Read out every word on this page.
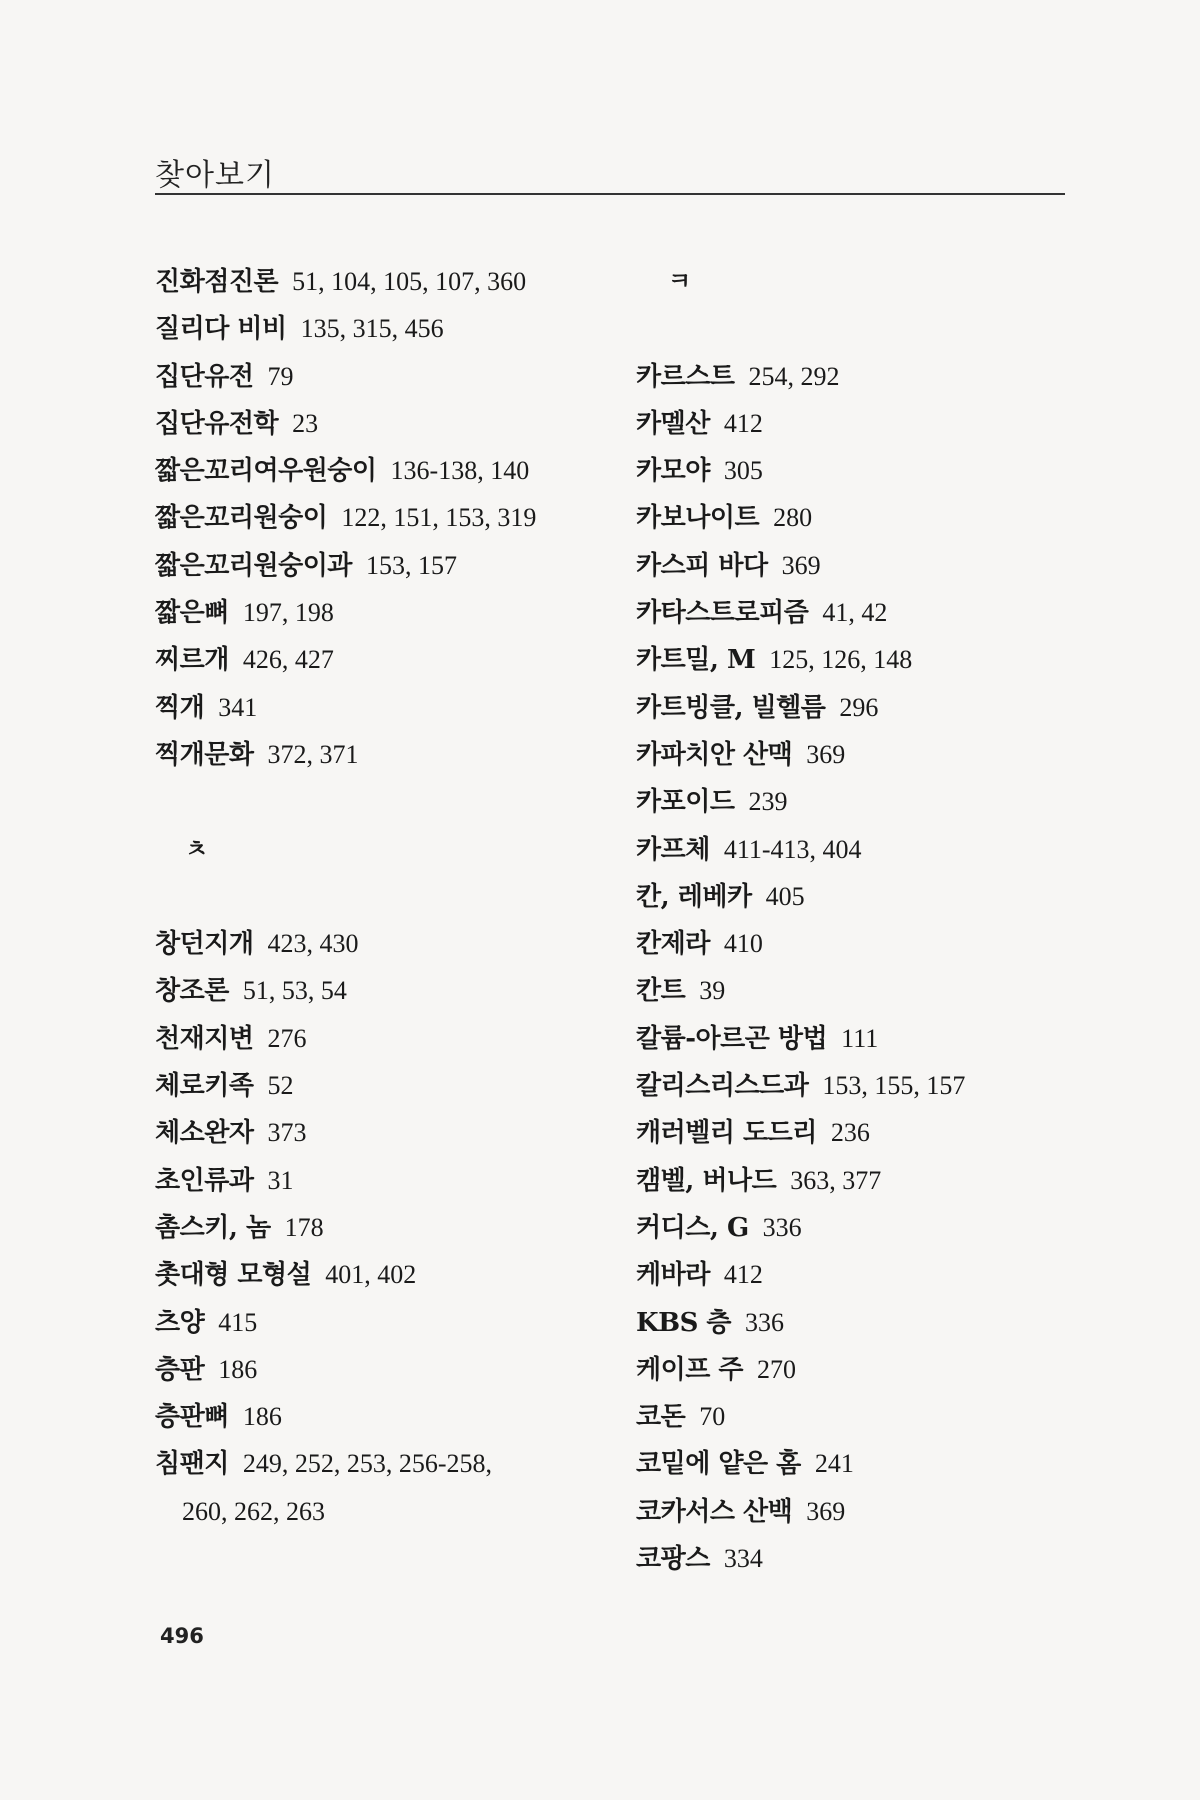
찾아보기
진화점진론 51, 104, 105, 107, 360
질리다 비비 135, 315, 456
집단유전 79
집단유전학 23
짧은꼬리여우원숭이 136-138, 140
짧은꼬리원숭이 122, 151, 153, 319
짧은꼬리원숭이과 153, 157
짧은뼈 197, 198
찌르개 426, 427
찍개 341
찍개문화 372, 371
ㅊ
창던지개 423, 430
창조론 51, 53, 54
천재지변 276
체로키족 52
체소완자 373
초인류과 31
촘스키, 놈 178
촛대형 모형설 401, 402
츠양 415
층판 186
층판뼈 186
침팬지 249, 252, 253, 256-258,
260, 262, 263
ㅋ
카르스트 254, 292
카멜산 412
카모야 305
카보나이트 280
카스피 바다 369
카타스트로피즘 41, 42
카트밀, M 125, 126, 148
카트빙클, 빌헬름 296
카파치안 산맥 369
카포이드 239
카프체 411-413, 404
칸, 레베카 405
칸제라 410
칸트 39
칼륨-아르곤 방법 111
칼리스리스드과 153, 155, 157
캐러벨리 도드리 236
캠벨, 버나드 363, 377
커디스, G 336
케바라 412
KBS 층 336
케이프 주 270
코돈 70
코밑에 얕은 홈 241
코카서스 산백 369
코팡스 334
496
